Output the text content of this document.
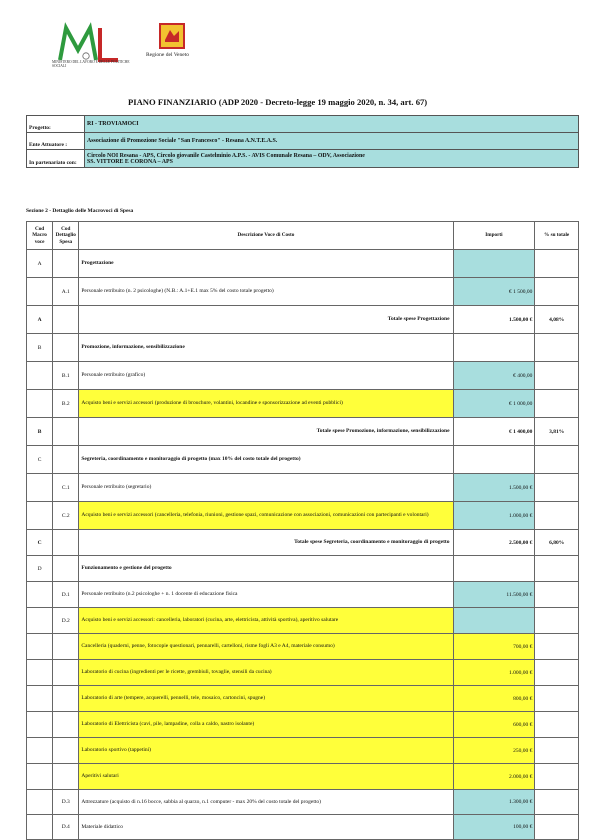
MINISTERO DEL LAVORO E DELLE POLITICHE SOCIALI
Regione del Veneto
PIANO FINANZIARIO (ADP 2020 - Decreto-legge 19 maggio 2020, n. 34, art. 67)
Progetto:	RI - TROVIAMOCI
Ente Attuatore :	Associazione di Promozione Sociale "San Francesco" - Resana A.N.T.E.A.S.
In partenariato con:	Circolo NOI Resana - APS, Circolo giovanile Castelminio A.P.S. - AVIS Comunale Resana – ODV, Associazione
SS. VITTORE E CORONA – APS
Sezione 2 - Dettaglio delle Macrovoci di Spesa
Cod Macro voce	Cod Dettaglio Spesa	Descrizione Voce di Costo	Importi	% su totale
A		Progettazione		
	A.1	Personale retribuito (n. 2 psicologhe) (N.B.: A.1+E.1 max 5% del costo totale progetto)	€ 1 500,00	
A		Totale spese Progettazione	1.500,00 €	4,08%
B		Promozione, informazione, sensibilizzazione		
	B.1	Personale retribuito (grafico)	€ 400,00	
	B.2	Acquisto beni e servizi accessori (produzione di brouchure, volantini, locandine e sponsorizzazione ad eventi pubblici)	€ 1 000,00	
B		Totale spese Promozione, informazione, sensibilizzazione	€ 1 400,00	3,81%
C		Segreteria, coordinamento e monitoraggio di progetto (max 10% del costo totale del progetto)		
	C.1	Personale retribuito (segretario)	1.500,00 €	
	C.2	Acquisto beni e servizi accessori (cancelleria, telefonia, riunioni, gestione spazi, comunicazione con associazioni, comunicazioni con partecipanti e volontari)	1.000,00 €	
C		Totale spese Segreteria, coordinamento e monitoraggio di progetto	2.500,00 €	6,80%
D		Funzionamento e gestione del progetto		
	D.1	Personale retribuito (n.2 psicologhe + n. 1 docente di educazione fisica	11.500,00 €	
	D.2	Acquisto beni e servizi accessori: cancelleria, laboratori (cucina, arte, elettricista, attività sportiva), aperitivo salutare		
		Cancelleria (quaderni, penne, fotocopie questionari, pennarelli, cartelloni, risme fogli A3 e A4, materiale consumo)	700,00 €	
		Laboratorio di cucina (ingredienti per le ricette, grembiuli, tovaglie, stensili da cucina)	1.000,00 €	
		Laboratorio di arte (tempere, acquerelli, pennelli, tele, mosaico, cartoncini, spugne)	800,00 €	
		Laboratorio di Elettricista (cavi, pile, lampadine, colla a caldo, nastro isolante)	600,00 €	
		Laboratorio sportivo (tappetini)	250,00 €	
		Aperitivi salutari	2.000,00 €	
	D.3	Attrezzature (acquisto di n.16 bocce, sabbia al quarzo, n.1 computer - max 20% del costo totale del progetto)	1.300,00 €	
	D.4	Materiale didattico	100,00 €	
